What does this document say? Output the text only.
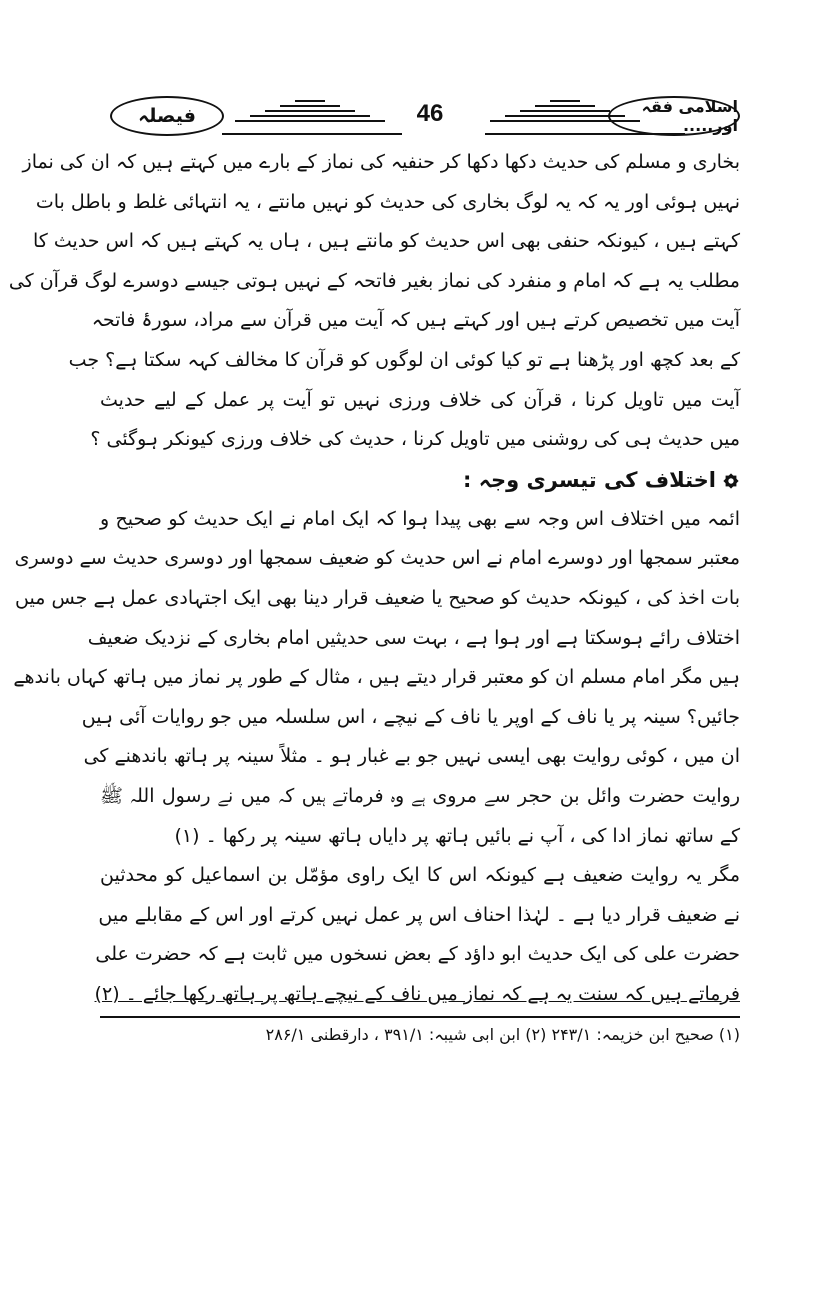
فیصلہ	46	اسلامی فقہ اور.....
بخاری و مسلم کی حدیث دکھا دکھا کر حنفیہ کی نماز کے بارے میں کہتے ہیں کہ ان کی نماز
نہیں ہوئی اور یہ کہ یہ لوگ بخاری کی حدیث کو نہیں مانتے ، یہ انتہائی غلط و باطل بات
کہتے ہیں ، کیونکہ حنفی بھی اس حدیث کو مانتے ہیں ، ہاں یہ کہتے ہیں کہ اس حدیث کا
مطلب یہ ہے کہ امام و منفرد کی نماز بغیر فاتحہ کے نہیں ہوتی جیسے دوسرے لوگ قرآن کی
آیت میں تخصیص کرتے ہیں اور کہتے ہیں کہ آیت میں قرآن سے مراد، سورۂ فاتحہ
کے بعد کچھ اور پڑھنا ہے تو کیا کوئی ان لوگوں کو قرآن کا مخالف کہہ سکتا ہے؟ جب
آیت میں تاویل کرنا ، قرآن کی خلاف ورزی نہیں تو آیت پر عمل کے لیے حدیث
میں حدیث ہی کی روشنی میں تاویل کرنا ، حدیث کی خلاف ورزی کیونکر ہوگئی ؟
اختلاف کی تیسری وجہ :
ائمہ میں اختلاف اس وجہ سے بھی پیدا ہوا کہ ایک امام نے ایک حدیث کو صحیح و
معتبر سمجھا اور دوسرے امام نے اس حدیث کو ضعیف سمجھا اور دوسری حدیث سے دوسری
بات اخذ کی ، کیونکہ حدیث کو صحیح یا ضعیف قرار دینا بھی ایک اجتہادی عمل ہے جس میں
اختلاف رائے ہوسکتا ہے اور ہوا ہے ، بہت سی حدیثیں امام بخاری کے نزدیک ضعیف
ہیں مگر امام مسلم ان کو معتبر قرار دیتے ہیں ، مثال کے طور پر نماز میں ہاتھ کہاں باندھے
جائیں؟ سینہ پر یا ناف کے اوپر یا ناف کے نیچے ، اس سلسلہ میں جو روایات آئی ہیں
ان میں ، کوئی روایت بھی ایسی نہیں جو بے غبار ہو ۔ مثلاً سینہ پر ہاتھ باندھنے کی
روایت حضرت وائل بن حجر سے مروی ہے وہ فرماتے ہیں کہ میں نے رسول اللہ ﷺ
کے ساتھ نماز ادا کی ، آپ نے بائیں ہاتھ پر دایاں ہاتھ سینہ پر رکھا ۔ (۱)
مگر یہ روایت ضعیف ہے کیونکہ اس کا ایک راوی مؤمّل بن اسماعیل کو محدثین
نے ضعیف قرار دیا ہے ۔ لہٰذا احناف اس پر عمل نہیں کرتے اور اس کے مقابلے میں
حضرت علی کی ایک حدیث ابو داؤد کے بعض نسخوں میں ثابت ہے کہ حضرت علی
فرماتے ہیں کہ سنت یہ ہے کہ نماز میں ناف کے نیچے ہاتھ پر ہاتھ رکھا جائے ۔ (۲)
(۱) صحیح ابن خزیمہ: ۲۴۳/۱ (۲) ابن ابی شیبہ: ۳۹۱/۱ ، دارقطنی ۲۸۶/۱
